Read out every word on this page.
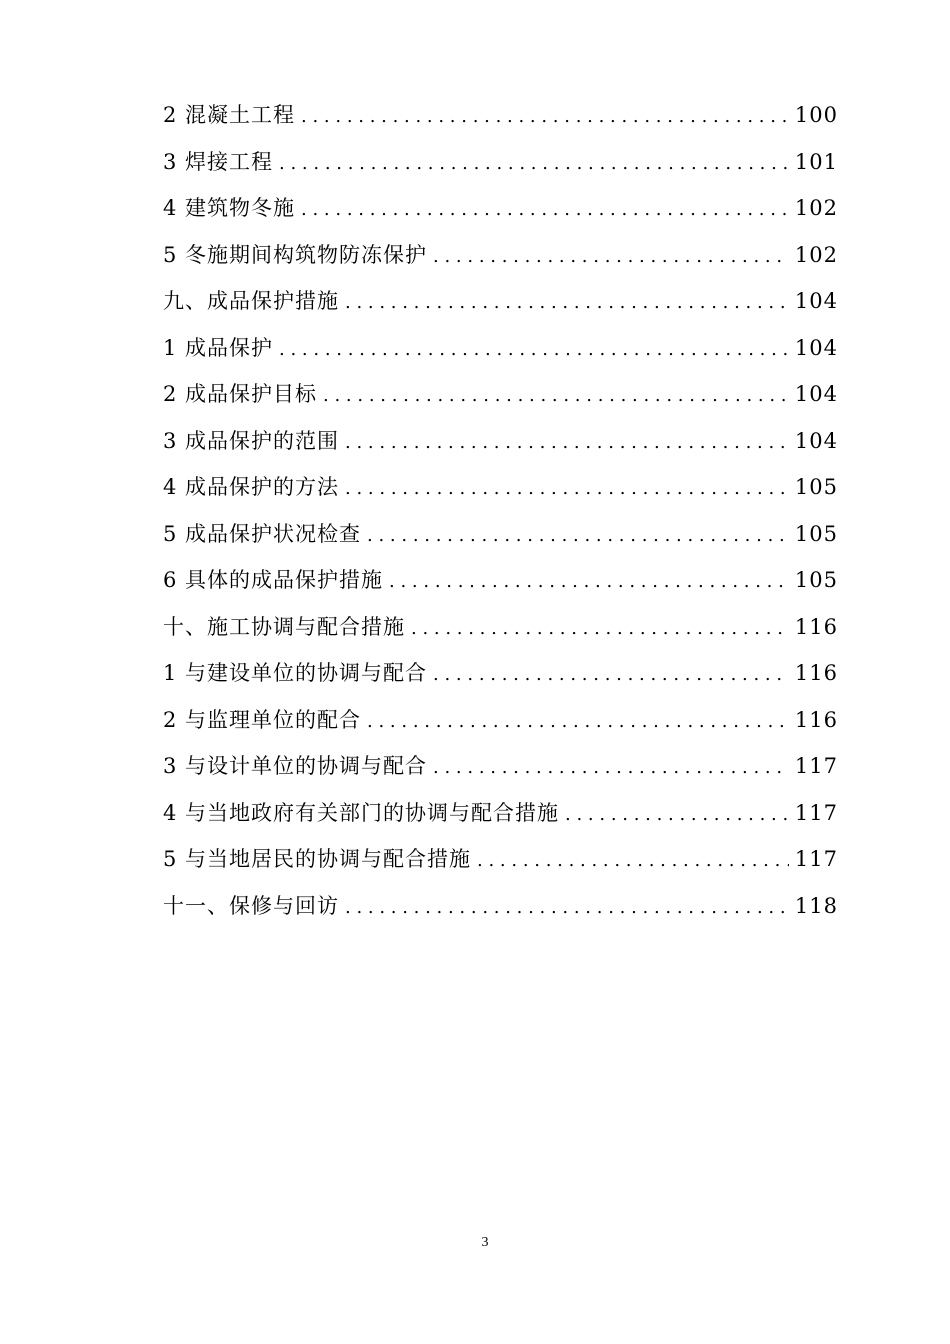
2 混凝土工程 . . .	100
3 焊接工程 . . .	101
4 建筑物冬施 . . .	102
5 冬施期间构筑物防冻保护 . . .	102
九、成品保护措施 . . .	104
1 成品保护 . . .	104
2 成品保护目标 . . .	104
3 成品保护的范围 . . .	104
4 成品保护的方法 . . .	105
5 成品保护状况检查 . . .	105
6 具体的成品保护措施 . . .	105
十、施工协调与配合措施 . . .	116
1 与建设单位的协调与配合 . . .	116
2 与监理单位的配合 . . .	116
3 与设计单位的协调与配合 . . .	117
4 与当地政府有关部门的协调与配合措施 . . .	117
5 与当地居民的协调与配合措施 . . .	117
十一、保修与回访 . . .	118
3
